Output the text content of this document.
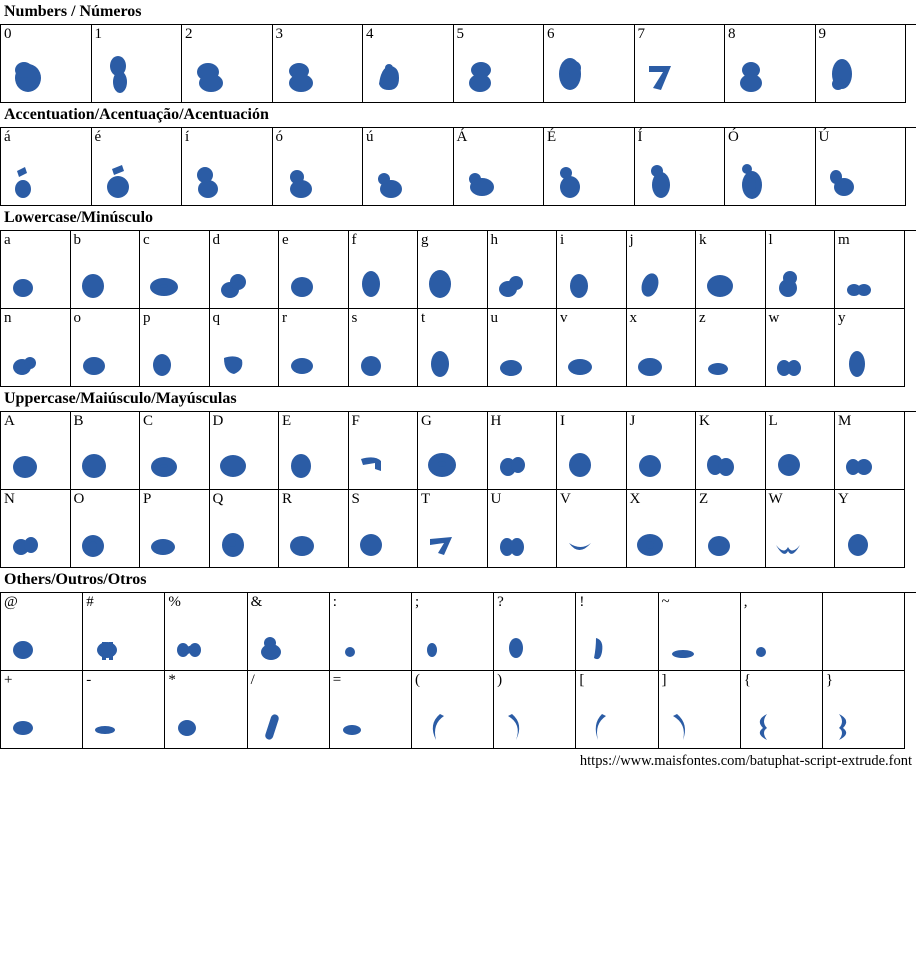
Numbers / Números
0	1	2	3	4	5	6	7	8	9
Accentuation/Acentuação/Acentuación
á	é	í	ó	ú	Á	É	Í	Ó	Ú
Lowercase/Minúsculo
a	b	c	d	e	f	g	h	i	j	k	l	m
n	o	p	q	r	s	t	u	v	x	z	w	y
Uppercase/Maiúsculo/Mayúsculas
A	B	C	D	E	F	G	H	I	J	K	L	M
N	O	P	Q	R	S	T	U	V	X	Z	W	Y
Others/Outros/Otros
@	#	%	&	:	;	?	!	~	,
+	-	*	/	=	(	)	[	]	{	}
https://www.maisfontes.com/batuphat-script-extrude.font
